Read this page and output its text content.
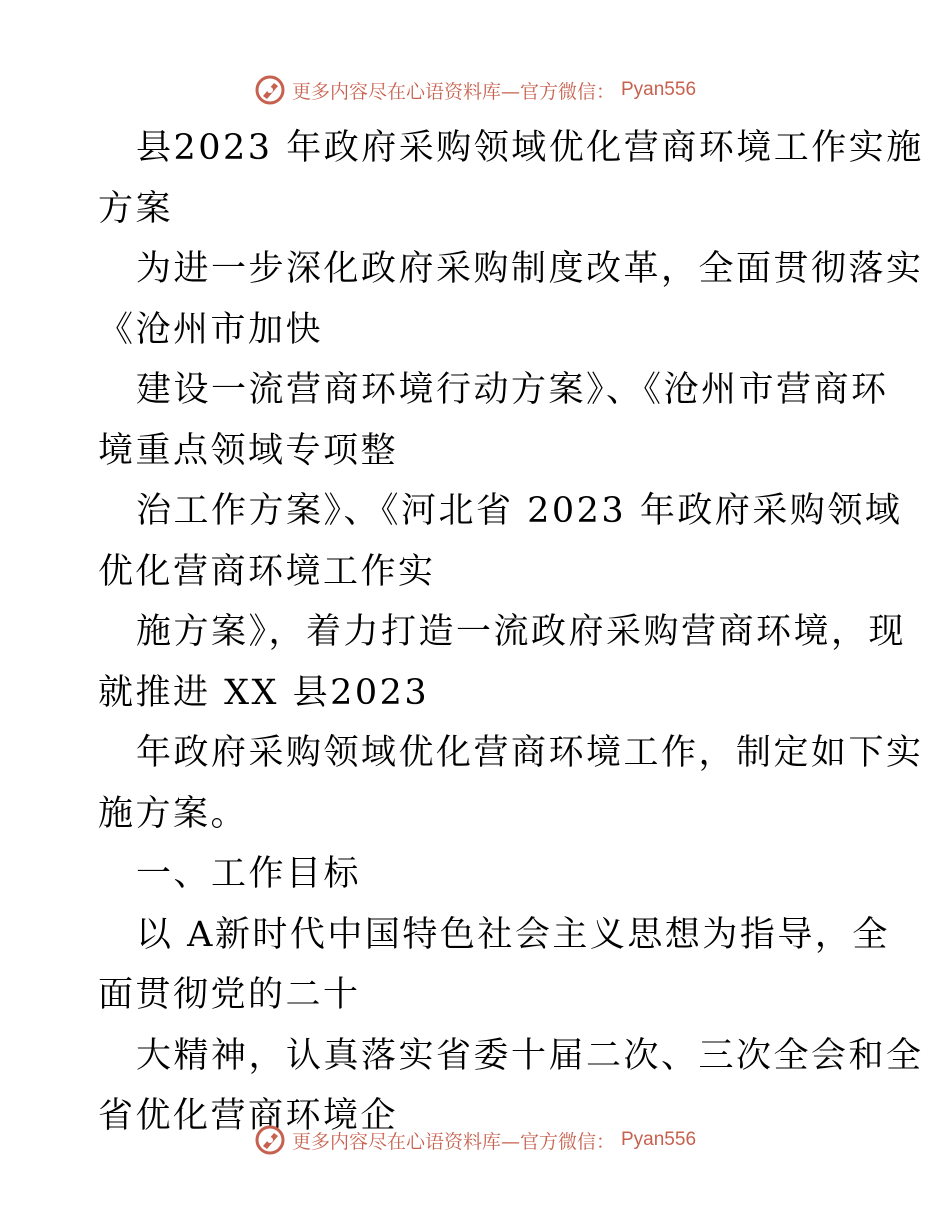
更多内容尽在心语资料库—官方微信： Pyan556

县2023 年政府采购领域优化营商环境工作实施

方案

为进一步深化政府采购制度改革，全面贯彻落实

《沧州市加快

建设一流营商环境行动方案》、《沧州市营商环

境重点领域专项整

治工作方案》、《河北省 2023 年政府采购领域

优化营商环境工作实

施方案》，着力打造一流政府采购营商环境，现

就推进 XX 县2023

年政府采购领域优化营商环境工作，制定如下实

施方案。

一、工作目标

以 A新时代中国特色社会主义思想为指导，全

面贯彻党的二十

大精神，认真落实省委十届二次、三次全会和全

省优化营商环境企

更多内容尽在心语资料库—官方微信： Pyan556
